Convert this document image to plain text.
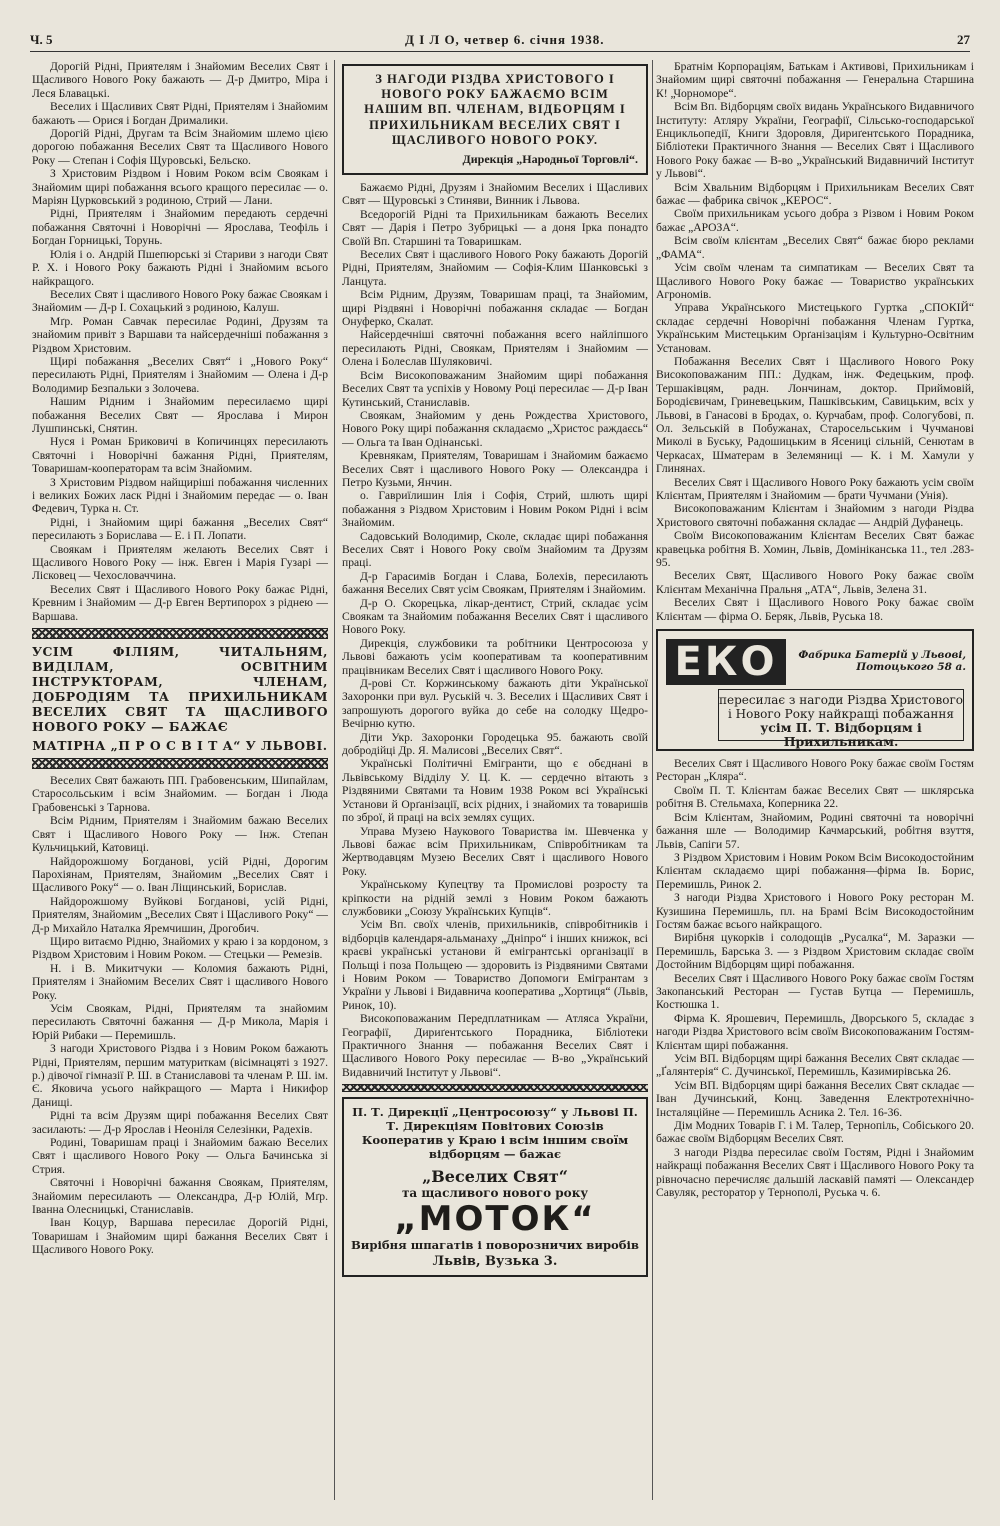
Ч. 5	Д І Л О, четвер 6. січня 1938.	27

Дорогій Рідні, Приятелям і Знайомим Веселих Свят і Щасливого Нового Року бажають — Д-р Дмитро, Міра і Леся Блавацькі.

Веселих і Щасливих Свят Рідні, Приятелям і Знайомим бажають — Орися і Богдан Дрималики.

Дорогій Рідні, Другам та Всім Знайомим шлемо цією дорогою побажання Веселих Свят та Щасливого Нового Року — Степан і Софія Щуровські, Бельско.

З Христовим Різдвом і Новим Роком всім Своякам і Знайомим щирі побажання всього кращого пересилає — о. Маріян Цурковський з родиною, Стрий — Лани.

Рідні, Приятелям і Знайомим передають сердечні побажання Святочні і Новорічні — Ярослава, Теофіль і Богдан Горницькі, Торунь.

Юлія і о. Андрій Пшепюрські зі Стариви з нагоди Свят Р. Х. і Нового Року бажають Рідні і Знайомим всього найкращого.

Веселих Свят і щасливого Нового Року бажає Своякам і Знайомим — Д-р І. Сохацький з родиною, Калуш.

Мґр. Роман Савчак пересилає Родині, Друзям та знайомим привіт з Варшави та найсердечніші побажання з Різдвом Христовим.

Щирі побажання „Веселих Свят“ і „Нового Року“ пересилають Рідні, Приятелям і Знайомим — Олена і Д-р Володимир Безпальки з Золочева.

Нашим Рідним і Знайомим пересилаємо щирі побажання Веселих Свят — Ярослава і Мирон Лушпинські, Снятин.

Нуся і Роман Бриковичі в Копичинцях пересилають Святочні і Новорічні бажання Рідні, Приятелям, Товаришам-кооператорам та всім Знайомим.

З Христовим Різдвом найщиріші побажання численних і великих Божих ласк Рідні і Знайомим передає — о. Іван Федевич, Турка н. Ст.

Рідні, і Знайомим щирі бажання „Веселих Свят“ пересилають з Борислава — Е. і П. Лопати.

Своякам і Приятелям желають Веселих Свят і Щасливого Нового Року — інж. Евген і Марія Гузарі — Лісковец — Чехословаччина.

Веселих Свят і Щасливого Нового Року бажає Рідні, Кревним і Знайомим — Д-р Евген Вертипорох з ріднею — Варшава.

УСІМ ФІЛІЯМ, ЧИТАЛЬНЯМ, ВИДІЛАМ, ОСВІТНИМ ІНСТРУКТОРАМ, ЧЛЕНАМ, ДОБРОДІЯМ ТА ПРИХИЛЬНИКАМ ВЕСЕЛИХ СВЯТ ТА ЩАСЛИВОГО НОВОГО РОКУ — БАЖАЄ
МАТІРНА „П Р О С В І Т А“ У ЛЬВОВІ.

Веселих Свят бажають ПП. Грабовенським, Шипайлам, Старосольським і всім Знайомим. — Богдан і Люда Грабовенські з Тарнова.

Всім Рідним, Приятелям і Знайомим бажаю Веселих Свят і Щасливого Нового Року — Інж. Степан Кульчицький, Катовиці.

Найдорожшому Богданові, усій Рідні, Дорогим Парохіянам, Приятелям, Знайомим „Веселих Свят і Щасливого Року“ — о. Іван Ліщинський, Борислав.

Найдорожшому Вуйкові Богданові, усій Рідні, Приятелям, Знайомим „Веселих Свят і Щасливого Року“ — Д-р Михайло Наталка Яремчишин, Дрогобич.

Щиро витаємо Рідню, Знайомих у краю і за кордоном, з Різдвом Христовим і Новим Роком. — Стецьки — Ремезів.

Н. і В. Микитчуки — Коломия бажають Рідні, Приятелям і Знайомим Веселих Свят і щасливого Нового Року.

Усім Своякам, Рідні, Приятелям та знайомим пересилають Святочні бажання — Д-р Микола, Марія і Юрій Рибаки — Перемишль.

З нагоди Христового Різдва і з Новим Роком бажають Рідні, Приятелям, першим матуриткам (вісімнацяті з 1927. р.) дівочої гімназії Р. Ш. в Станиславові та членам Р. Ш. ім. Є. Яковича усього найкращого — Марта і Никифор Данищі.

Рідні та всім Друзям щирі побажання Веселих Свят засилають: — Д-р Ярослав і Неоніля Селезінки, Радехів.

Родині, Товаришам праці і Знайомим бажаю Веселих Свят і щасливого Нового Року — Ольга Бачинська зі Стрия.

Святочні і Новорічні бажання Своякам, Приятелям, Знайомим пересилають — Олександра, Д-р Юлій, Мґр. Іванна Олесницькі, Станиславів.

Іван Коцур, Варшава пересилає Дорогій Рідні, Товаришам і Знайомим щирі бажання Веселих Свят і Щасливого Нового Року.

З НАГОДИ РІЗДВА ХРИСТОВОГО І НОВОГО РОКУ БАЖАЄМО ВСІМ НАШИМ ВП. ЧЛЕНАМ, ВІДБОРЦЯМ І ПРИХИЛЬНИКАМ ВЕСЕЛИХ СВЯТ І ЩАСЛИВОГО НОВОГО РОКУ.
Дирекція „Народньої Торговлі“.

Бажаємо Рідні, Друзям і Знайомим Веселих і Щасливих Свят — Щуровські з Стиняви, Винник і Львова.

Вседорогій Рідні та Прихильникам бажають Веселих Свят — Дарія і Петро Зубрицькі — а доня Ірка понадто Своїй Вп. Старшині та Товаришкам.

Веселих Свят і щасливого Нового Року бажають Дорогій Рідні, Приятелям, Знайомим — Софія-Клим Шанковські з Ланцута.

Всім Рідним, Друзям, Товаришам праці, та Знайомим, щирі Різдвяні і Новорічні побажання складає — Богдан Онуферко, Скалат.

Найсердечніші святочні побажання всего найліпшого пересилають Рідні, Своякам, Приятелям і Знайомим — Олена і Болеслав Шуляковичі.

Всім Високоповажаним Знайомим щирі побажання Веселих Свят та успіхів у Новому Році пересилає — Д-р Іван Кутинський, Станиславів.

Своякам, Знайомим у день Рождества Христового, Нового Року щирі побажання складаємо „Христос раждаєсь“ — Ольга та Іван Одінанські.

Кревнякам, Приятелям, Товаришам і Знайомим бажаємо Веселих Свят і щасливого Нового Року — Олександра і Петро Кузьми, Янчин.

о. Гавриїлишин Ілія і Софія, Стрий, шлють щирі побажання з Різдвом Христовим і Новим Роком Рідні і всім Знайомим.

Садовський Володимир, Сколе, складає щирі побажання Веселих Свят і Нового Року своїм Знайомим та Друзям праці.

Д-р Гарасимів Богдан і Слава, Болехів, пересилають бажання Веселих Свят усім Своякам, Приятелям і Знайомим.

Д-р О. Скорецька, лікар-дентист, Стрий, складає усім Своякам та Знайомим побажання Веселих Свят і щасливого Нового Року.

Дирекція, службовики та робітники Центросоюза у Львові бажають усім кооперативам та кооперативним працівникам Веселих Свят і щасливого Нового Року.

Д-рові Ст. Коржинському бажають діти Української Захоронки при вул. Руській ч. 3. Веселих і Щасливих Свят і запрошують дорогого вуйка до себе на солодку Щедро-Вечірню кутю.

Діти Укр. Захоронки Городецька 95. бажають своїй добродійці Др. Я. Малисові „Веселих Свят“.

Українські Політичні Емігранти, що є обєднані в Львівському Відділу У. Ц. К. — сердечно вітають з Різдвяними Святами та Новим 1938 Роком всі Українські Установи й Орґанізації, всіх рідних, і знайомих та товаришів по зброї, й праці на всіх землях сущих.

Управа Музею Наукового Товариства ім. Шевченка у Львові бажає всім Прихильникам, Співробітникам та Жертводавцям Музею Веселих Свят і щасливого Нового Року.

Українському Купецтву та Промислові розросту та кріпкости на рідній землі з Новим Роком бажають службовики „Союзу Українських Купців“.

Усім Вп. своїх членів, прихильників, співробітників і відборців календаря-альманаху „Дніпро“ і інших книжок, всі краєві українські установи й емігрантські організації в Польщі і поза Польщею — здоровить із Різдвяними Святами і Новим Роком — Товариство Допомоги Емігрантам з України у Львові і Видавнича кооператива „Хортиця“ (Львів, Ринок, 10).

Високоповажаним Передплатникам — Атляса України, Географії, Дириґентського Порадника, Бібліотеки Практичного Знання — побажання Веселих Свят і Щасливого Нового Року пересилає — В-во „Український Видавничий Інститут у Львові“.

П. Т. Дирекції „Центросоюзу“ у Львові П. Т. Дирекціям Повітових Союзів Кооператив у Краю і всім іншим своїм відборцям — бажає
„Веселих Свят“
та щасливого нового року
„МОТОК“
Вирібня шпагатів і поворозничих виробів
Львів, Вузька 3.

Братнім Корпораціям, Батькам і Активові, Прихильникам і Знайомим щирі святочні побажання — Генеральна Старшина К! „Чорноморе“.

Всім Вп. Відборцям своїх видань Українського Видавничого Інституту: Атляру України, Географії, Сільсько-господарської Енцикльопедії, Книги Здоровля, Дириґентського Порадника, Бібліотеки Практичного Знання — Веселих Свят і Щасливого Нового Року бажає — В-во „Український Видавничий Інститут у Львові“.

Всім Хвальним Відборцям і Прихильникам Веселих Свят бажає — фабрика свічок „КЕРОС“.

Своїм прихильникам усього добра з Різвом і Новим Роком бажає „АРОЗА“.

Всім своїм клієнтам „Веселих Свят“ бажає бюро реклами „ФАМА“.

Усім своїм членам та симпатикам — Веселих Свят та Щасливого Нового Року бажає — Товариство українських Агрономів.

Управа Українського Мистецького Гуртка „СПОКІЙ“ складає сердечні Новорічні побажання Членам Гуртка, Українським Мистецьким Орґанізаціям і Культурно-Освітним Установам.

Побажання Веселих Свят і Щасливого Нового Року Високоповажаним ПП.: Дудкам, інж. Федецьким, проф. Тершаківцям, радн. Лончинам, доктор. Приймовій, Бородієвичам, Гриневецьким, Пашківським, Савицьким, всіх у Львові, в Ганасові в Бродах, о. Курчабам, проф. Сологубові, п. Ол. Зельській в Побужанах, Старосельським і Чучманові Миколі в Буську, Радошицьким в Ясениці сільній, Сенютам в Черкасах, Шматерам в Зелемяниці — К. і М. Хамули у Глинянах.

Веселих Свят і Щасливого Нового Року бажають усім своїм Клієнтам, Приятелям і Знайомим — брати Чучмани (Унія).

Високоповажаним Клієнтам і Знайомим з нагоди Різдва Христового святочні побажання складає — Андрій Дуфанець.

Своїм Високоповажаним Клієнтам Веселих Свят бажає кравецька робітня В. Хомин, Львів, Домініканська 11., тел .283-95.

Веселих Свят, Щасливого Нового Року бажає своїм Клієнтам Механічна Пральня „АТА“, Львів, Зелена 31.

Веселих Свят і Щасливого Нового Року бажає своїм Клієнтам — фірма О. Беряк, Львів, Руська 18.

ЕКО	Фабрика Батерій у Львові, Потоцького 58 а.
пересилає з нагоди Різдва Христового і Нового Року найкращі побажання
усім П. Т. Відборцям і Прихильникам.

Веселих Свят і Щасливого Нового Року бажає своїм Гостям Ресторан „Кляра“.

Своїм П. Т. Клієнтам бажає Веселих Свят — шклярська робітня В. Стельмаха, Коперника 22.

Всім Клієнтам, Знайомим, Родині святочні та новорічні бажання шле — Володимир Качмарський, робітня взуття, Львів, Сапіги 57.

З Різдвом Христовим і Новим Роком Всім Високодостойним Клієнтам складаємо щирі побажання—фірма Ів. Борис, Перемишль, Ринок 2.

З нагоди Різдва Христового і Нового Року ресторан М. Кузишина Перемишль, пл. на Брамі Всім Високодостойним Гостям бажає всього найкращого.

Вирібня цукорків і солодощів „Русалка“, М. Заразки — Перемишль, Барська 3. — з Різдвом Христовим складає своїм Достойним Відборцям щирі побажання.

Веселих Свят і Щасливого Нового Року бажає своїм Гостям Закопанський Ресторан — Густав Бутца — Перемишль, Костюшка 1.

Фірма К. Ярошевич, Перемишль, Дворського 5, складає з нагоди Різдва Христового всім своїм Високоповажаним Гостям-Клієнтам щирі побажання.

Усім ВП. Відборцям щирі бажання Веселих Свят складає — „Ґалянтерія“ С. Дучинської, Перемишль, Казимирівська 26.

Усім ВП. Відборцям щирі бажання Веселих Свят складає — Іван Дучинський, Конц. Заведення Електротехнічно-Інсталяційне — Перемишль Асника 2. Тел. 16-36.

Дім Модних Товарів Г. і М. Талер, Тернопіль, Собіського 20. бажає своїм Відборцям Веселих Свят.

З нагоди Різдва пересилає своїм Гостям, Рідні і Знайомим найкращі побажання Веселих Свят і Щасливого Нового Року та рівночасно перечисляє дальшій ласкавій памяті — Олександер Савуляк, ресторатор у Тернополі, Руська ч. 6.
